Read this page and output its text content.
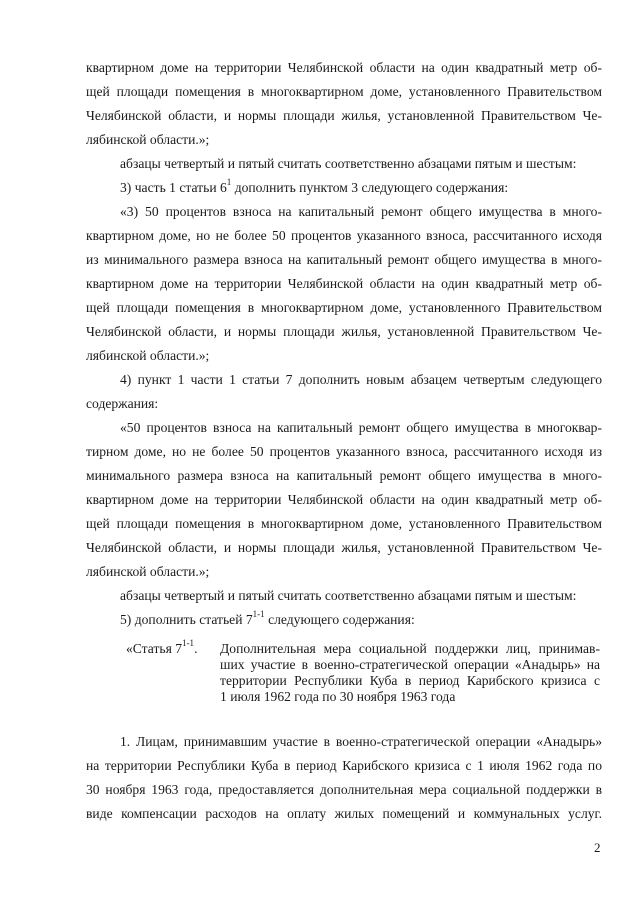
квартирном доме на территории Челябинской области на один квадратный метр об-

щей площади помещения в многоквартирном доме, установленного Правительством

Челябинской области, и нормы площади жилья, установленной Правительством Че-

лябинской области.»;

абзацы четвертый и пятый считать соответственно абзацами пятым и шестым:

3) часть 1 статьи $6^1$ дополнить пунктом 3 следующего содержания:

«3) 50 процентов взноса на капитальный ремонт общего имущества в много-

квартирном доме, но не более 50 процентов указанного взноса, рассчитанного исходя

из минимального размера взноса на капитальный ремонт общего имущества в много-

квартирном доме на территории Челябинской области на один квадратный метр об-

щей площади помещения в многоквартирном доме, установленного Правительством

Челябинской области, и нормы площади жилья, установленной Правительством Че-

лябинской области.»;

4) пункт 1 части 1 статьи 7 дополнить новым абзацем четвертым следующего

содержания:

«50 процентов взноса на капитальный ремонт общего имущества в многоквар-

тирном доме, но не более 50 процентов указанного взноса, рассчитанного исходя из

минимального размера взноса на капитальный ремонт общего имущества в много-

квартирном доме на территории Челябинской области на один квадратный метр об-

щей площади помещения в многоквартирном доме, установленного Правительством

Челябинской области, и нормы площади жилья, установленной Правительством Че-

лябинской области.»;

абзацы четвертый и пятый считать соответственно абзацами пятым и шестым:

5) дополнить статьей 7$^{1-1}$ следующего содержания:

«Статья 7$^{1-1}$. Дополнительная мера социальной поддержки лиц, принимав-
ших участие в военно-стратегической операции «Анадырь» на
территории Республики Куба в период Карибского кризиса с
1 июля 1962 года по 30 ноября 1963 года

1. Лицам, принимавшим участие в военно-стратегической операции «Анадырь»

на территории Республики Куба в период Карибского кризиса с 1 июля 1962 года по

30 ноября 1963 года, предоставляется дополнительная мера социальной поддержки в

виде компенсации расходов на оплату жилых помещений и коммунальных услуг.

2
